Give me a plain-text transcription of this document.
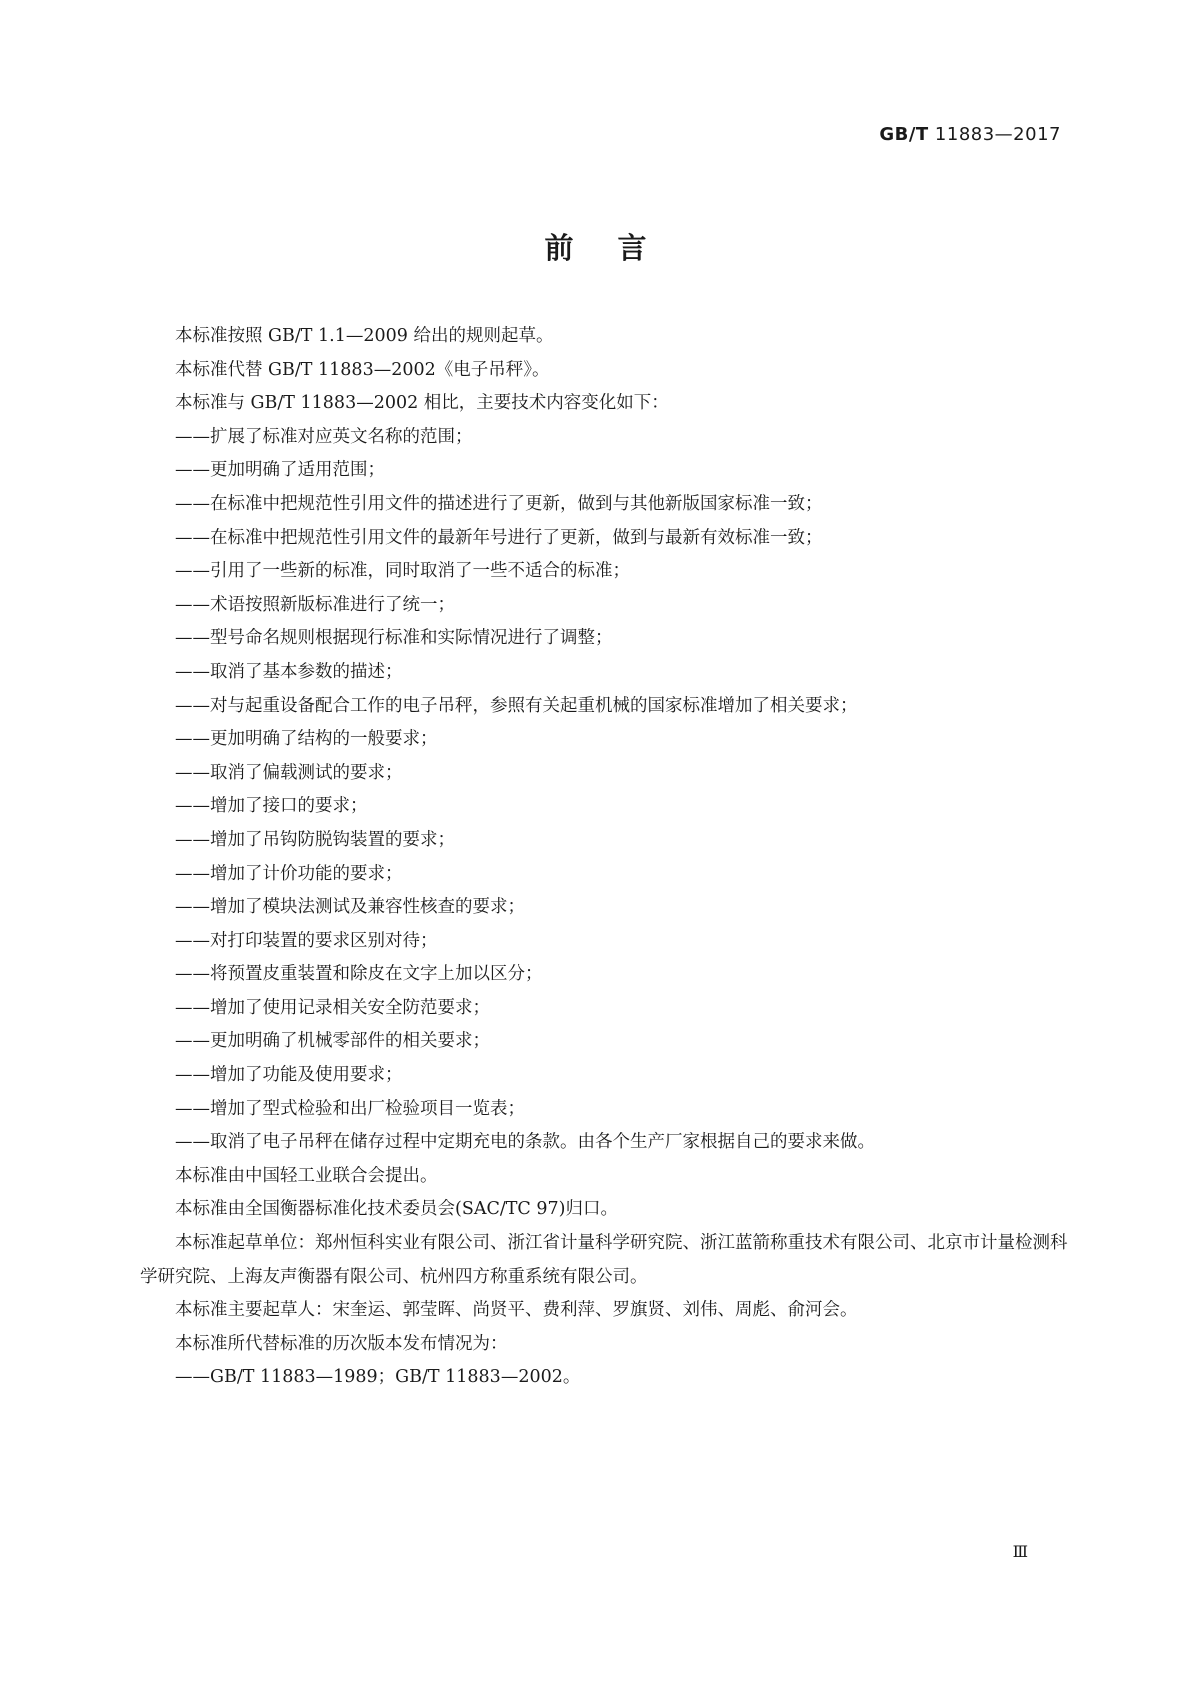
GB/T 11883—2017
前言

本标准按照 GB/T 1.1—2009 给出的规则起草。

本标准代替 GB/T 11883—2002《电子吊秤》。

本标准与 GB/T 11883—2002 相比，主要技术内容变化如下：

——扩展了标准对应英文名称的范围；

——更加明确了适用范围；

——在标准中把规范性引用文件的描述进行了更新，做到与其他新版国家标准一致；

——在标准中把规范性引用文件的最新年号进行了更新，做到与最新有效标准一致；

——引用了一些新的标准，同时取消了一些不适合的标准；

——术语按照新版标准进行了统一；

——型号命名规则根据现行标准和实际情况进行了调整；

——取消了基本参数的描述；

——对与起重设备配合工作的电子吊秤，参照有关起重机械的国家标准增加了相关要求；

——更加明确了结构的一般要求；

——取消了偏载测试的要求；

——增加了接口的要求；

——增加了吊钩防脱钩装置的要求；

——增加了计价功能的要求；

——增加了模块法测试及兼容性核查的要求；

——对打印装置的要求区别对待；

——将预置皮重装置和除皮在文字上加以区分；

——增加了使用记录相关安全防范要求；

——更加明确了机械零部件的相关要求；

——增加了功能及使用要求；

——增加了型式检验和出厂检验项目一览表；

——取消了电子吊秤在储存过程中定期充电的条款。由各个生产厂家根据自己的要求来做。

本标准由中国轻工业联合会提出。

本标准由全国衡器标准化技术委员会(SAC/TC 97)归口。

本标准起草单位：郑州恒科实业有限公司、浙江省计量科学研究院、浙江蓝箭称重技术有限公司、北京市计量检测科学研究院、上海友声衡器有限公司、杭州四方称重系统有限公司。

本标准主要起草人：宋奎运、郭莹晖、尚贤平、费利萍、罗旗贤、刘伟、周彪、俞河会。

本标准所代替标准的历次版本发布情况为：

——GB/T 11883—1989；GB/T 11883—2002。

Ⅲ
